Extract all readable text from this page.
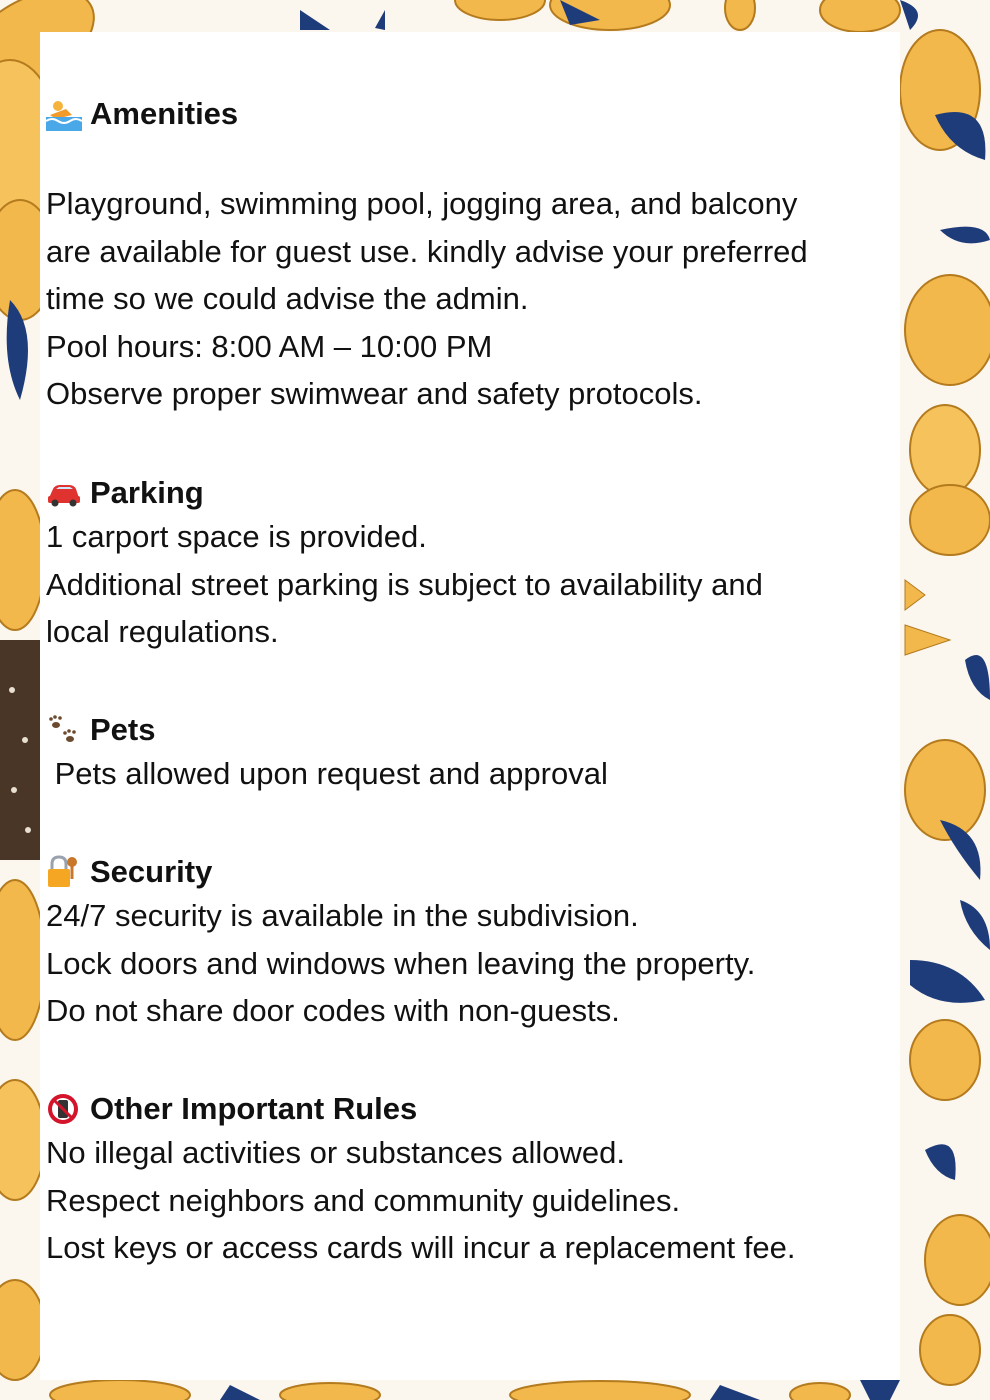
Amenities
Playground, swimming pool, jogging area, and balcony
are available for guest use. kindly advise your preferred
time so we could advise the admin.
Pool hours: 8:00 AM – 10:00 PM
Observe proper swimwear and safety protocols.
Parking
1 carport space is provided.
Additional street parking is subject to availability and
local regulations.
Pets
Pets allowed upon request and approval
Security
24/7 security is available in the subdivision.
Lock doors and windows when leaving the property.
Do not share door codes with non-guests.
Other Important Rules
No illegal activities or substances allowed.
Respect neighbors and community guidelines.
Lost keys or access cards will incur a replacement fee.
